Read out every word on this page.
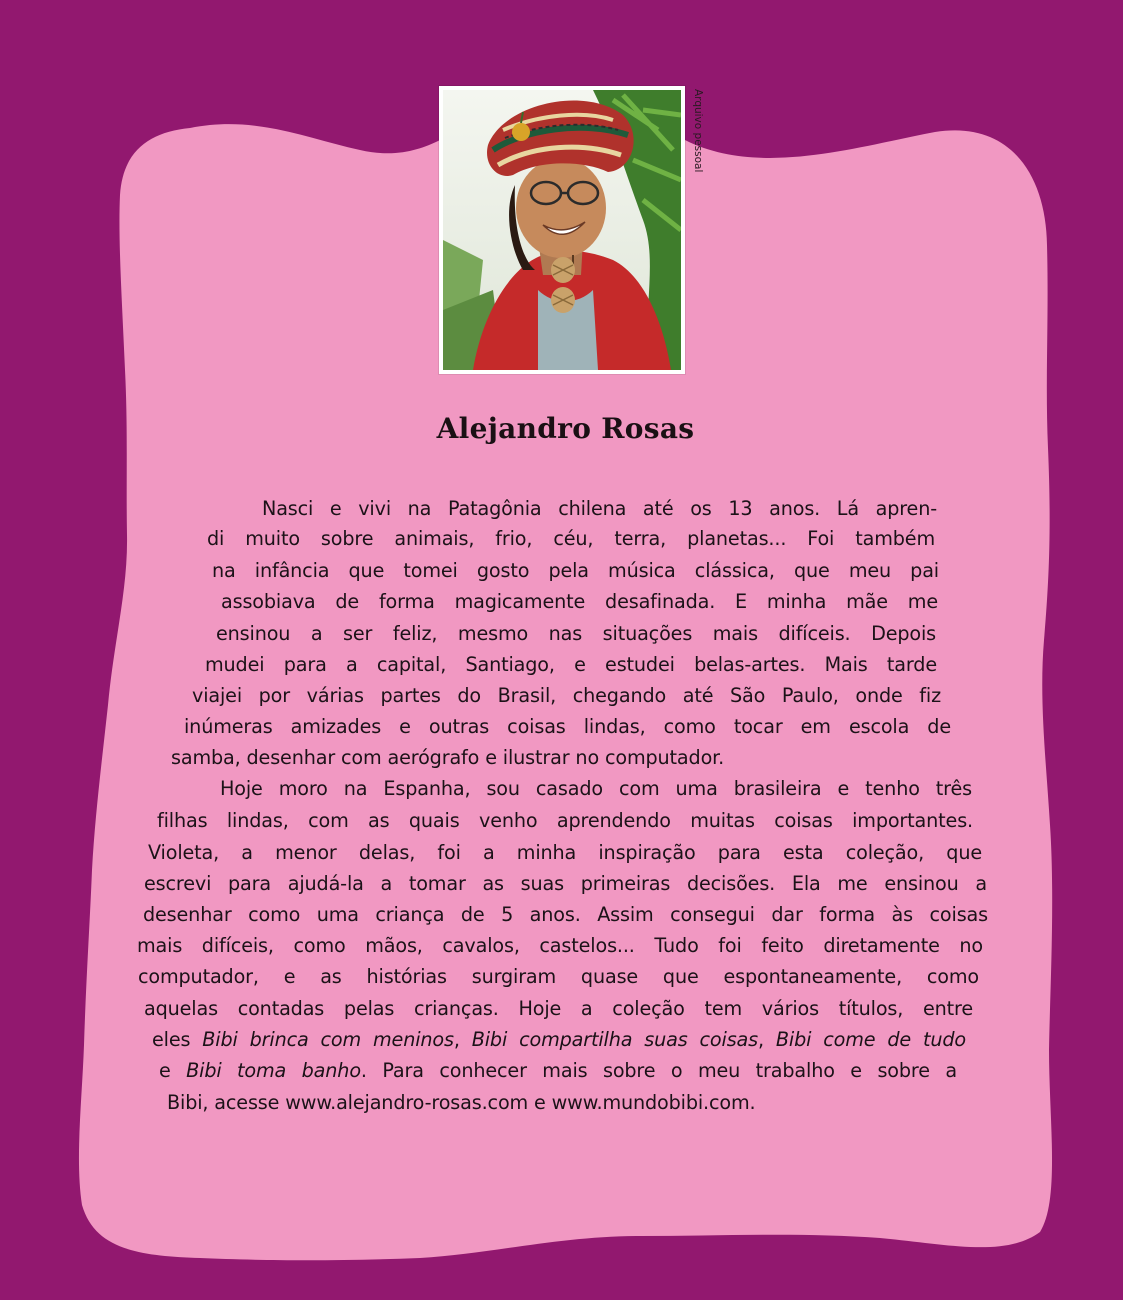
Arquivo pessoal
Alejandro Rosas
Nasci e vivi na Patagônia chilena até os 13 anos. Lá apren-
di muito sobre animais, frio, céu, terra, planetas... Foi também
na infância que tomei gosto pela música clássica, que meu pai
assobiava de forma magicamente desafinada. E minha mãe me
ensinou a ser feliz, mesmo nas situações mais difíceis. Depois
mudei para a capital, Santiago, e estudei belas-artes. Mais tarde
viajei por várias partes do Brasil, chegando até São Paulo, onde fiz
inúmeras amizades e outras coisas lindas, como tocar em escola de
samba, desenhar com aerógrafo e ilustrar no computador.
Hoje moro na Espanha, sou casado com uma brasileira e tenho três
filhas lindas, com as quais venho aprendendo muitas coisas importantes.
Violeta, a menor delas, foi a minha inspiração para esta coleção, que
escrevi para ajudá-la a tomar as suas primeiras decisões. Ela me ensinou a
desenhar como uma criança de 5 anos. Assim consegui dar forma às coisas
mais difíceis, como mãos, cavalos, castelos... Tudo foi feito diretamente no
computador, e as histórias surgiram quase que espontaneamente, como
aquelas contadas pelas crianças. Hoje a coleção tem vários títulos, entre
eles Bibi brinca com meninos, Bibi compartilha suas coisas, Bibi come de tudo
e Bibi toma banho. Para conhecer mais sobre o meu trabalho e sobre a
Bibi, acesse www.alejandro-rosas.com e www.mundobibi.com.
